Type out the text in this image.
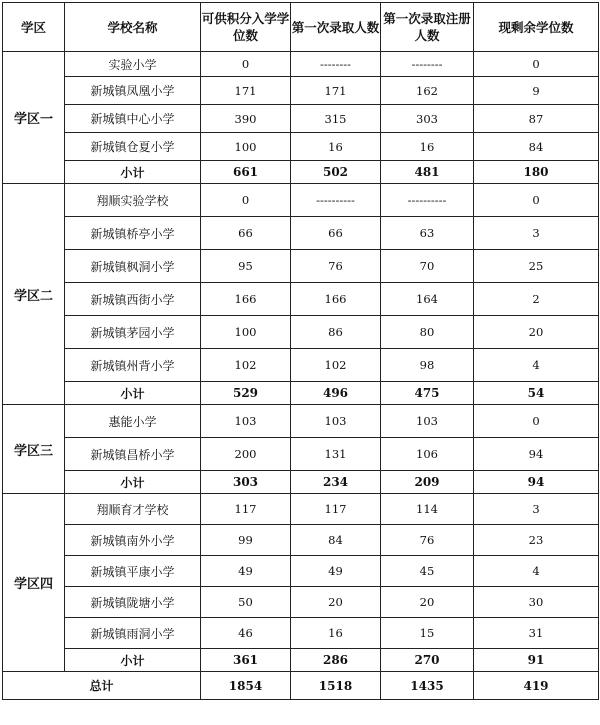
学区	学校名称	可供积分入学学位数	第一次录取人数	第一次录取注册人数	现剩余学位数
学区一	实验小学	0	--------	--------	0
	新城镇凤凰小学	171	171	162	9
	新城镇中心小学	390	315	303	87
	新城镇仓夏小学	100	16	16	84
	小计	661	502	481	180
学区二	翔顺实验学校	0	----------	----------	0
	新城镇桥亭小学	66	66	63	3
	新城镇枫洞小学	95	76	70	25
	新城镇西街小学	166	166	164	2
	新城镇茅园小学	100	86	80	20
	新城镇州背小学	102	102	98	4
	小计	529	496	475	54
学区三	惠能小学	103	103	103	0
	新城镇昌桥小学	200	131	106	94
	小计	303	234	209	94
学区四	翔顺育才学校	117	117	114	3
	新城镇南外小学	99	84	76	23
	新城镇平康小学	49	49	45	4
	新城镇陇塘小学	50	20	20	30
	新城镇雨洞小学	46	16	15	31
	小计	361	286	270	91
总计		1854	1518	1435	419
